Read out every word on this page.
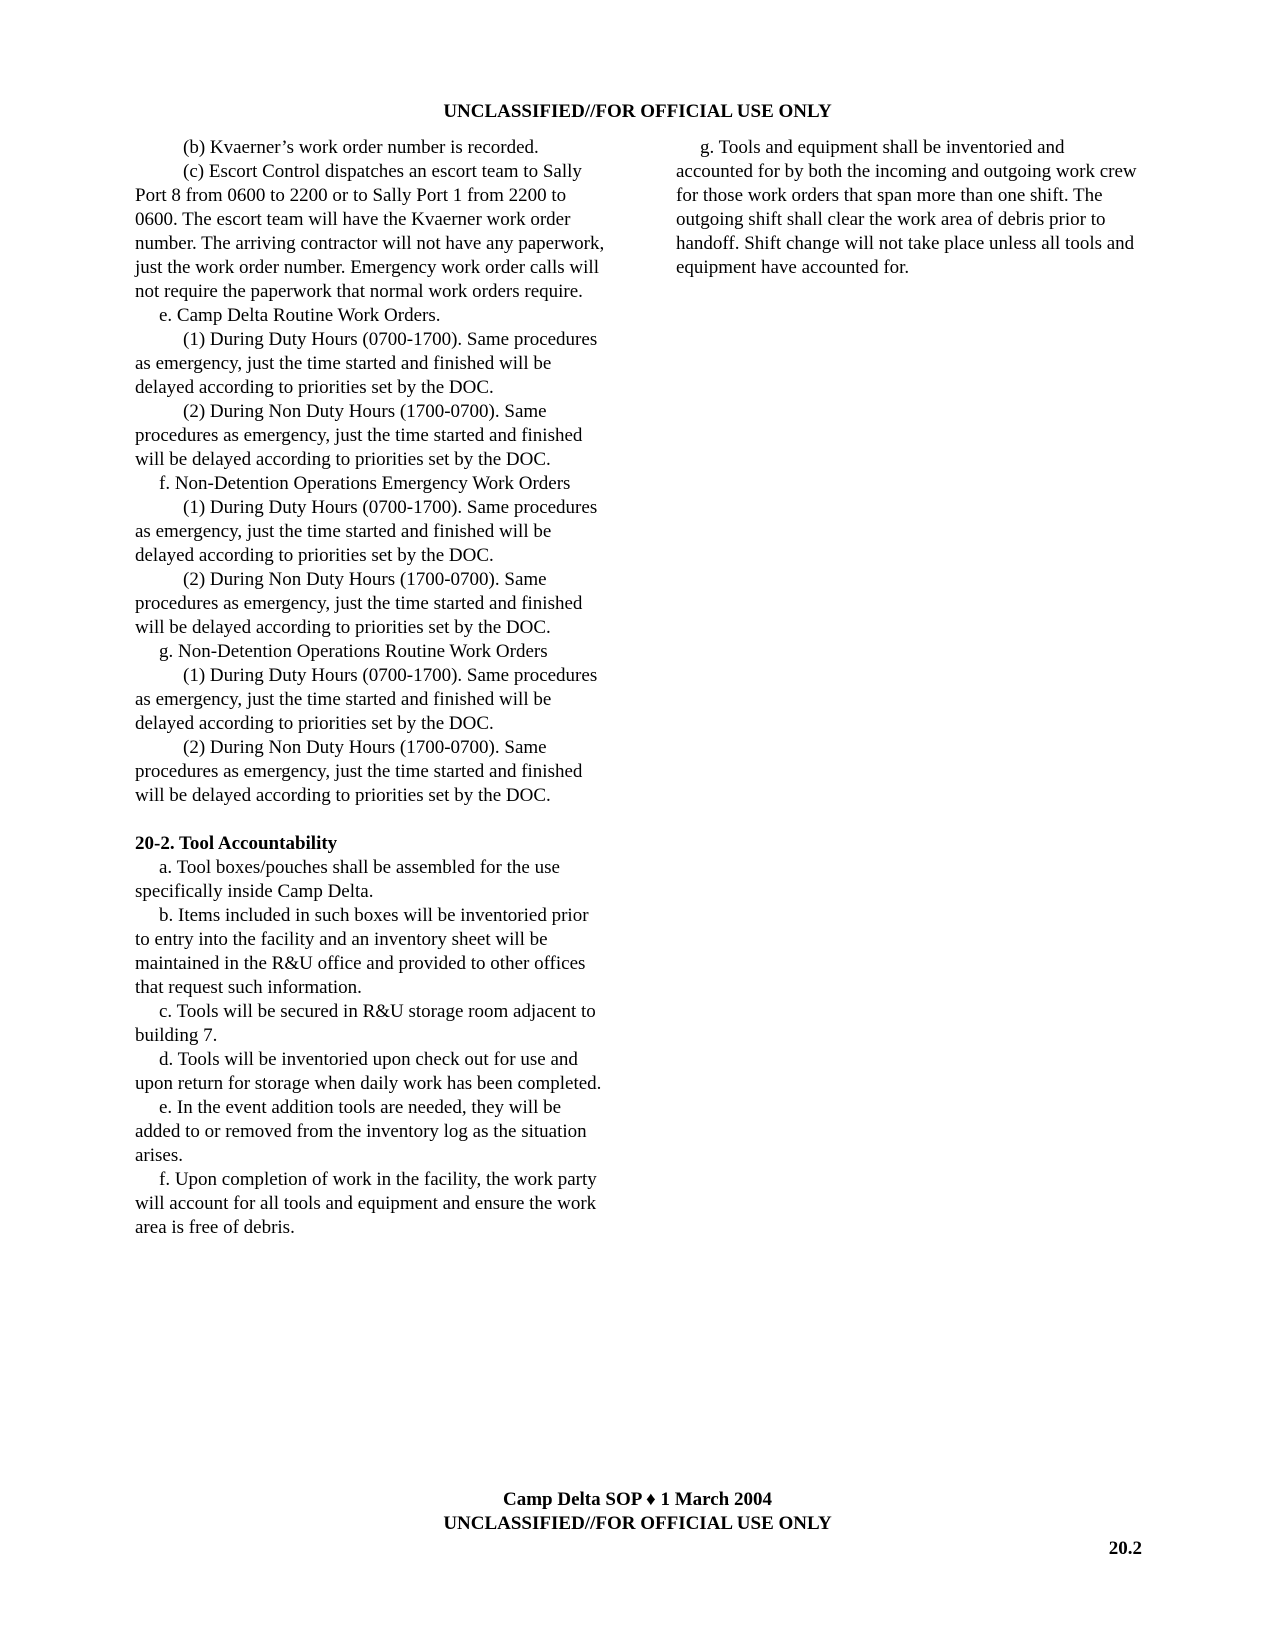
UNCLASSIFIED//FOR OFFICIAL USE ONLY

(b) Kvaerner’s work order number is recorded.

(c) Escort Control dispatches an escort team to Sally Port 8 from 0600 to 2200 or to Sally Port 1 from 2200 to 0600. The escort team will have the Kvaerner work order number. The arriving contractor will not have any paperwork, just the work order number. Emergency work order calls will not require the paperwork that normal work orders require.

e. Camp Delta Routine Work Orders.

(1) During Duty Hours (0700-1700). Same procedures as emergency, just the time started and finished will be delayed according to priorities set by the DOC.

(2) During Non Duty Hours (1700-0700). Same procedures as emergency, just the time started and finished will be delayed according to priorities set by the DOC.

f. Non-Detention Operations Emergency Work Orders

(1) During Duty Hours (0700-1700). Same procedures as emergency, just the time started and finished will be delayed according to priorities set by the DOC.

(2) During Non Duty Hours (1700-0700). Same procedures as emergency, just the time started and finished will be delayed according to priorities set by the DOC.

g. Non-Detention Operations Routine Work Orders

(1) During Duty Hours (0700-1700). Same procedures as emergency, just the time started and finished will be delayed according to priorities set by the DOC.

(2) During Non Duty Hours (1700-0700). Same procedures as emergency, just the time started and finished will be delayed according to priorities set by the DOC.

20-2. Tool Accountability

a. Tool boxes/pouches shall be assembled for the use specifically inside Camp Delta.

b. Items included in such boxes will be inventoried prior to entry into the facility and an inventory sheet will be maintained in the R&U office and provided to other offices that request such information.

c. Tools will be secured in R&U storage room adjacent to building 7.

d. Tools will be inventoried upon check out for use and upon return for storage when daily work has been completed.

e. In the event addition tools are needed, they will be added to or removed from the inventory log as the situation arises.

f. Upon completion of work in the facility, the work party will account for all tools and equipment and ensure the work area is free of debris.

g. Tools and equipment shall be inventoried and accounted for by both the incoming and outgoing work crew for those work orders that span more than one shift. The outgoing shift shall clear the work area of debris prior to handoff. Shift change will not take place unless all tools and equipment have accounted for.

Camp Delta SOP ♦ 1 March 2004
UNCLASSIFIED//FOR OFFICIAL USE ONLY
20.2
